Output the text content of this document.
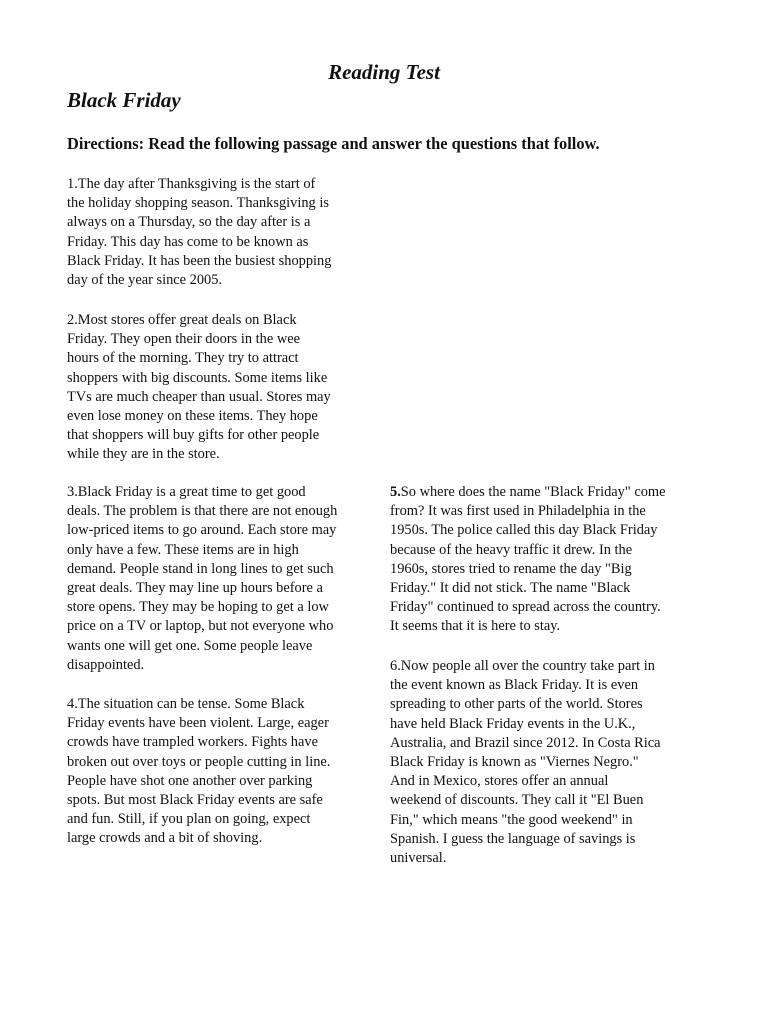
Reading Test
Black Friday

Directions: Read the following passage and answer the questions that follow.

1.The day after Thanksgiving is the start of
the holiday shopping season. Thanksgiving is
always on a Thursday, so the day after is a
Friday. This day has come to be known as
Black Friday. It has been the busiest shopping
day of the year since 2005.

2.Most stores offer great deals on Black
Friday. They open their doors in the wee
hours of the morning. They try to attract
shoppers with big discounts. Some items like
TVs are much cheaper than usual. Stores may
even lose money on these items. They hope
that shoppers will buy gifts for other people
while they are in the store.

3.Black Friday is a great time to get good
deals. The problem is that there are not enough
low-priced items to go around. Each store may
only have a few. These items are in high
demand. People stand in long lines to get such
great deals. They may line up hours before a
store opens. They may be hoping to get a low
price on a TV or laptop, but not everyone who
wants one will get one. Some people leave
disappointed.

4.The situation can be tense. Some Black
Friday events have been violent. Large, eager
crowds have trampled workers. Fights have
broken out over toys or people cutting in line.
People have shot one another over parking
spots. But most Black Friday events are safe
and fun. Still, if you plan on going, expect
large crowds and a bit of shoving.

5.So where does the name "Black Friday" come
from? It was first used in Philadelphia in the
1950s. The police called this day Black Friday
because of the heavy traffic it drew. In the
1960s, stores tried to rename the day "Big
Friday." It did not stick. The name "Black
Friday" continued to spread across the country.
It seems that it is here to stay.

6.Now people all over the country take part in
the event known as Black Friday. It is even
spreading to other parts of the world. Stores
have held Black Friday events in the U.K.,
Australia, and Brazil since 2012. In Costa Rica
Black Friday is known as "Viernes Negro."
And in Mexico, stores offer an annual
weekend of discounts. They call it "El Buen
Fin," which means "the good weekend" in
Spanish. I guess the language of savings is
universal.
